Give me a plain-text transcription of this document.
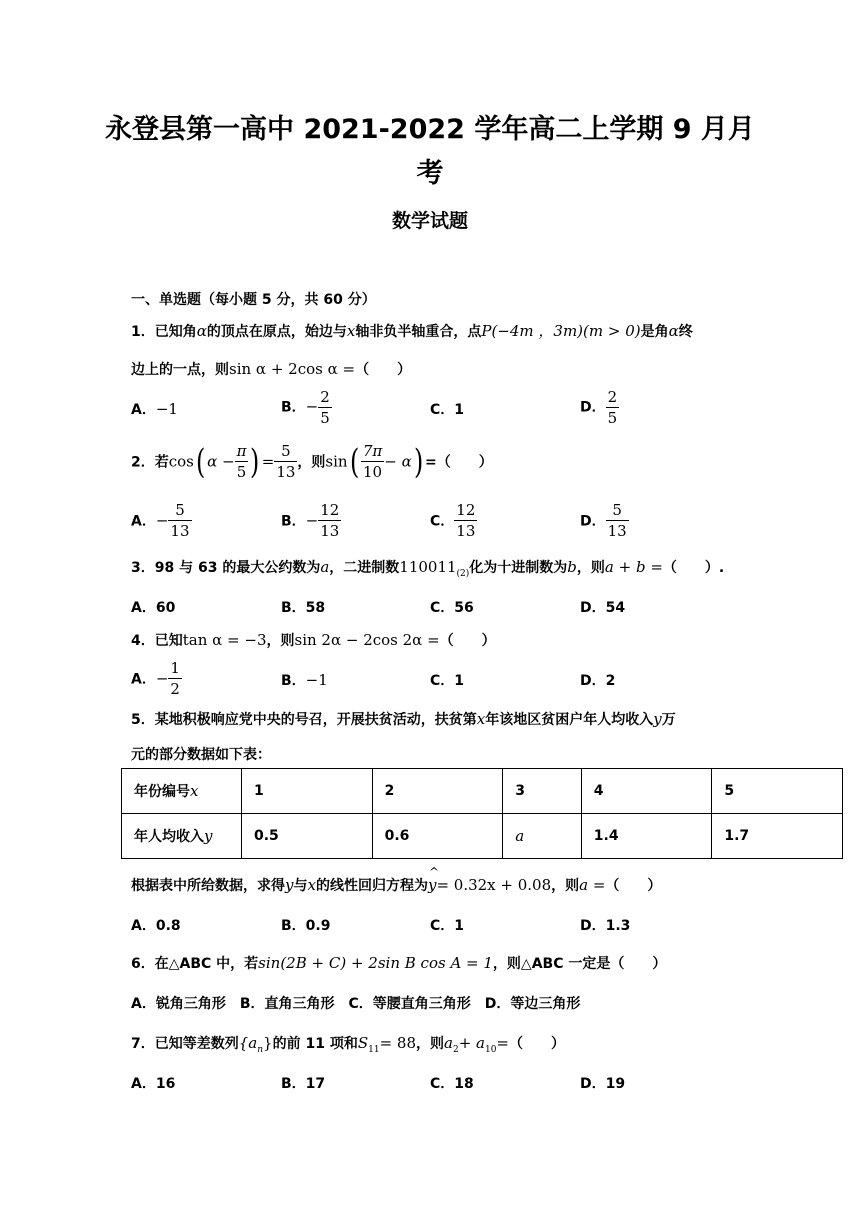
永登县第一高中 2021-2022 学年高二上学期 9 月月
考
数学试题
一、单选题（每小题 5 分，共 60 分）
1．已知角α的顶点在原点，始边与x轴非负半轴重合，点P(−4m ，3m)(m > 0)是角α终
边上的一点，则sin α + 2cos α =（　　）
A．−1	B．− $\frac{2}{5}$	C．1	D． $\frac{2}{5}$
2．若cos( $\alpha - \frac{\pi}{5}$ ) = $\frac{5}{13}$ ，则$\sin( \frac{7\pi}{10} - \alpha)$ =（　　）
A．− $\frac{5}{13}$	B．− $\frac{12}{13}$	C． $\frac{12}{13}$	D． $\frac{5}{13}$
3．98 与 63 的最大公约数为a，二进制数$110011_{(2)}$化为十进制数为b，则a + b =（　　）.
A．60	B．58	C．56	D．54
4．已知tan α = −3，则sin 2α − 2cos 2α =（　　）
A．− $\frac{1}{2}$	B．−1	C．1	D．2
5．某地积极响应党中央的号召，开展扶贫活动，扶贫第x年该地区贫困户年人均收入y万
元的部分数据如下表：
年份编号x	1	2	3	4	5
年人均收入y	0.5	0.6	a	1.4	1.7
根据表中所给数据，求得y与x的线性回归方程为^ y= 0.32x + 0.08，则a =（　　）
A．0.8	B．0.9	C．1	D．1.3
6．在△ABC 中，若sin(2B + C) + 2sin B cos A = 1，则△ABC 一定是（　　）
A．锐角三角形　B．直角三角形　C．等腰直角三角形　D．等边三角形
7．已知等差数列$\{a_n\}$的前 11 项和$S_{11}= 88$，则$a_2+ a_{10}=$（　　）
A．16	B．17	C．18	D．19
